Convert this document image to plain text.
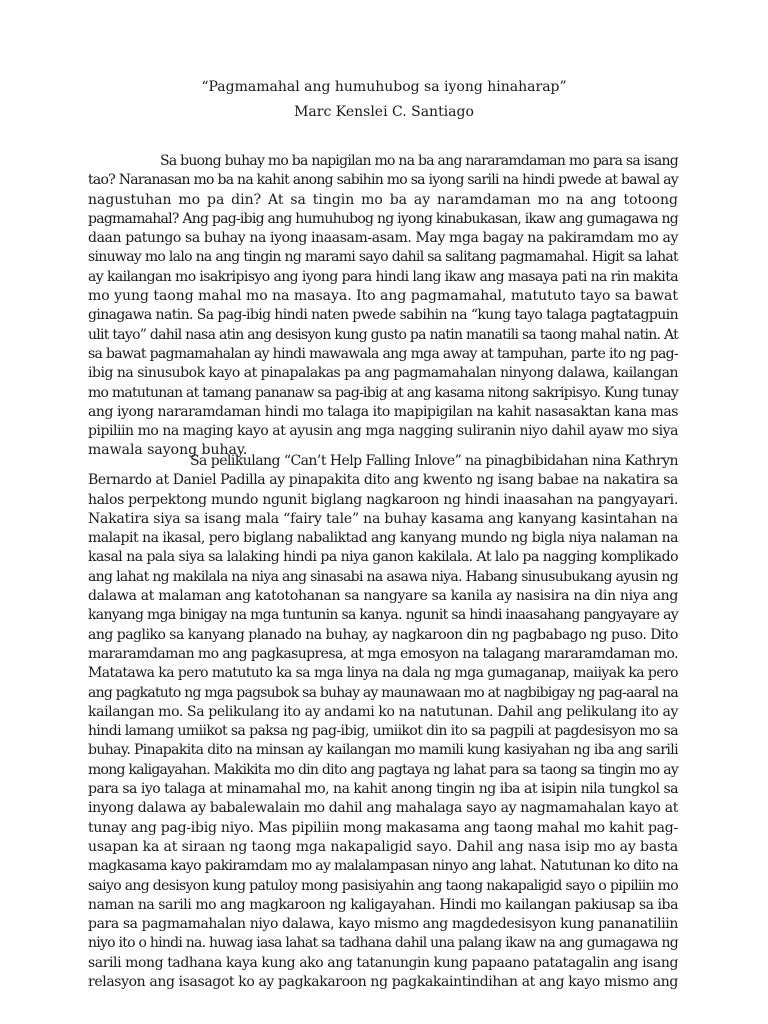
“Pagmamahal ang humuhubog sa iyong hinaharap”
Marc Kenslei C. Santiago
Sa buong buhay mo ba napigilan mo na ba ang nararamdaman mo para sa isang
tao? Naranasan mo ba na kahit anong sabihin mo sa iyong sarili na hindi pwede at bawal ay
nagustuhan mo pa din? At sa tingin mo ba ay naramdaman mo na ang totoong
pagmamahal? Ang pag-ibig ang humuhubog ng iyong kinabukasan, ikaw ang gumagawa ng
daan patungo sa buhay na iyong inaasam-asam. May mga bagay na pakiramdam mo ay
sinuway mo lalo na ang tingin ng marami sayo dahil sa salitang pagmamahal. Higit sa lahat
ay kailangan mo isakripisyo ang iyong para hindi lang ikaw ang masaya pati na rin makita
mo yung taong mahal mo na masaya. Ito ang pagmamahal, matututo tayo sa bawat
ginagawa natin. Sa pag-ibig hindi naten pwede sabihin na “kung tayo talaga pagtatagpuin
ulit tayo” dahil nasa atin ang desisyon kung gusto pa natin manatili sa taong mahal natin. At
sa bawat pagmamahalan ay hindi mawawala ang mga away at tampuhan, parte ito ng pag-
ibig na sinusubok kayo at pinapalakas pa ang pagmamahalan ninyong dalawa, kailangan
mo matutunan at tamang pananaw sa pag-ibig at ang kasama nitong sakripisyo. Kung tunay
ang iyong nararamdaman hindi mo talaga ito mapipigilan na kahit nasasaktan kana mas
pipiliin mo na maging kayo at ayusin ang mga nagging suliranin niyo dahil ayaw mo siya
mawala sayong buhay.
Sa pelikulang “Can’t Help Falling Inlove” na pinagbibidahan nina Kathryn
Bernardo at Daniel Padilla ay pinapakita dito ang kwento ng isang babae na nakatira sa
halos perpektong mundo ngunit biglang nagkaroon ng hindi inaasahan na pangyayari.
Nakatira siya sa isang mala “fairy tale” na buhay kasama ang kanyang kasintahan na
malapit na ikasal, pero biglang nabaliktad ang kanyang mundo ng bigla niya nalaman na
kasal na pala siya sa lalaking hindi pa niya ganon kakilala. At lalo pa nagging komplikado
ang lahat ng makilala na niya ang sinasabi na asawa niya. Habang sinusubukang ayusin ng
dalawa at malaman ang katotohanan sa nangyare sa kanila ay nasisira na din niya ang
kanyang mga binigay na mga tuntunin sa kanya. ngunit sa hindi inaasahang pangyayare ay
ang pagliko sa kanyang planado na buhay, ay nagkaroon din ng pagbabago ng puso. Dito
mararamdaman mo ang pagkasupresa, at mga emosyon na talagang mararamdaman mo.
Matatawa ka pero matututo ka sa mga linya na dala ng mga gumaganap, maiiyak ka pero
ang pagkatuto ng mga pagsubok sa buhay ay maunawaan mo at nagbibigay ng pag-aaral na
kailangan mo. Sa pelikulang ito ay andami ko na natutunan. Dahil ang pelikulang ito ay
hindi lamang umiikot sa paksa ng pag-ibig, umiikot din ito sa pagpili at pagdesisyon mo sa
buhay. Pinapakita dito na minsan ay kailangan mo mamili kung kasiyahan ng iba ang sarili
mong kaligayahan. Makikita mo din dito ang pagtaya ng lahat para sa taong sa tingin mo ay
para sa iyo talaga at minamahal mo, na kahit anong tingin ng iba at isipin nila tungkol sa
inyong dalawa ay babalewalain mo dahil ang mahalaga sayo ay nagmamahalan kayo at
tunay ang pag-ibig niyo. Mas pipiliin mong makasama ang taong mahal mo kahit pag-
usapan ka at siraan ng taong mga nakapaligid sayo. Dahil ang nasa isip mo ay basta
magkasama kayo pakiramdam mo ay malalampasan ninyo ang lahat. Natutunan ko dito na
saiyo ang desisyon kung patuloy mong pasisiyahin ang taong nakapaligid sayo o pipiliin mo
naman na sarili mo ang magkaroon ng kaligayahan. Hindi mo kailangan pakiusap sa iba
para sa pagmamahalan niyo dalawa, kayo mismo ang magdedesisyon kung pananatiliin
niyo ito o hindi na. huwag iasa lahat sa tadhana dahil una palang ikaw na ang gumagawa ng
sarili mong tadhana kaya kung ako ang tatanungin kung papaano patatagalin ang isang
relasyon ang isasagot ko ay pagkakaroon ng pagkakaintindihan at ang kayo mismo ang
